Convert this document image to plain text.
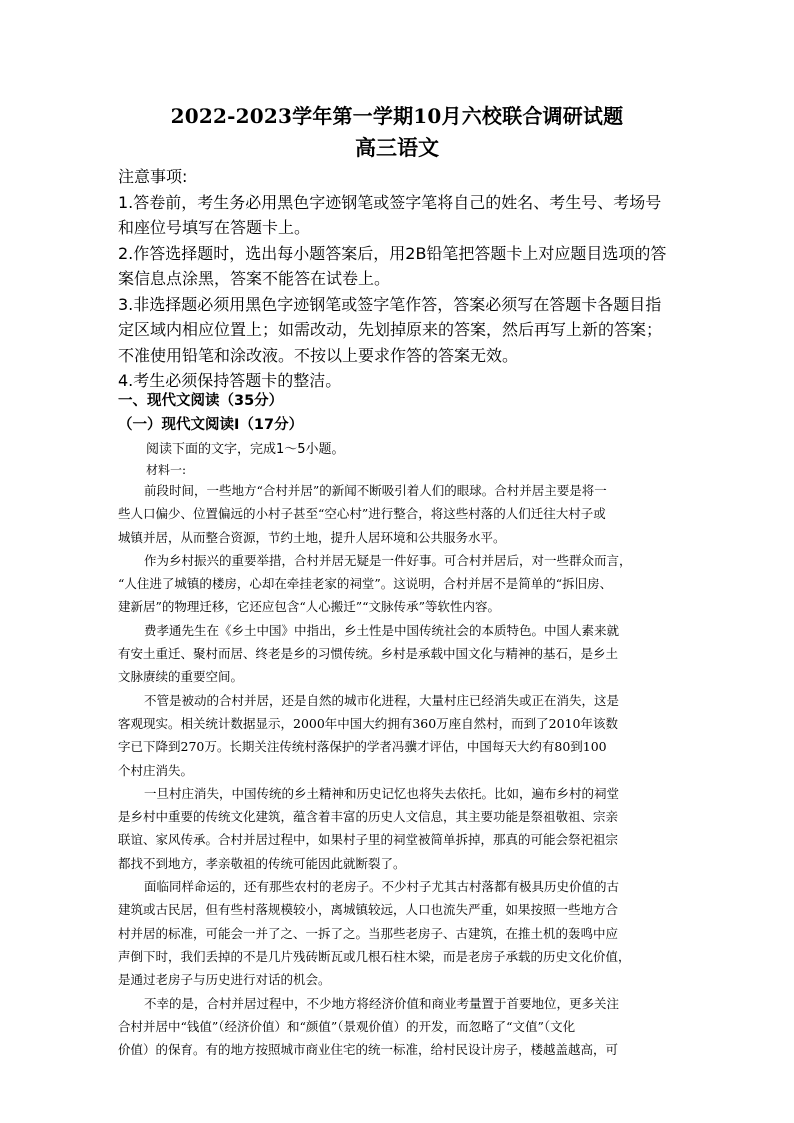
2022-2023学年第一学期10月六校联合调研试题
高三语文
注意事项:
1.答卷前，考生务必用黑色字迹钢笔或签字笔将自己的姓名、考生号、考场号
和座位号填写在答题卡上。
2.作答选择题时，选出每小题答案后，用2B铅笔把答题卡上对应题目选项的答
案信息点涂黑，答案不能答在试卷上。
3.非选择题必须用黑色字迹钢笔或签字笔作答，答案必须写在答题卡各题目指
定区域内相应位置上；如需改动，先划掉原来的答案，然后再写上新的答案；
不准使用铅笔和涂改液。不按以上要求作答的答案无效。
4.考生必须保持答题卡的整洁。
一、现代文阅读（35分）
（一）现代文阅读Ⅰ（17分）
阅读下面的文字，完成1～5小题。
材料一:
前段时间，一些地方“合村并居”的新闻不断吸引着人们的眼球。合村并居主要是将一
些人口偏少、位置偏远的小村子甚至“空心村”进行整合，将这些村落的人们迁往大村子或
城镇并居，从而整合资源，节约土地，提升人居环境和公共服务水平。
作为乡村振兴的重要举措，合村并居无疑是一件好事。可合村并居后，对一些群众而言，
“人住进了城镇的楼房，心却在牵挂老家的祠堂”。这说明，合村并居不是简单的“拆旧房、
建新居”的物理迁移，它还应包含“人心搬迁”“文脉传承”等软性内容。
费孝通先生在《乡土中国》中指出，乡土性是中国传统社会的本质特色。中国人素来就
有安土重迁、聚村而居、终老是乡的习惯传统。乡村是承载中国文化与精神的基石，是乡土
文脉赓续的重要空间。
不管是被动的合村并居，还是自然的城市化进程，大量村庄已经消失或正在消失，这是
客观现实。相关统计数据显示，2000年中国大约拥有360万座自然村，而到了2010年该数
字已下降到270万。长期关注传统村落保护的学者冯骥才评估，中国每天大约有80到100
个村庄消失。
一旦村庄消失，中国传统的乡土精神和历史记忆也将失去依托。比如，遍布乡村的祠堂
是乡村中重要的传统文化建筑，蕴含着丰富的历史人文信息，其主要功能是祭祖敬祖、宗亲
联谊、家风传承。合村并居过程中，如果村子里的祠堂被简单拆掉，那真的可能会祭祀祖宗
都找不到地方，孝亲敬祖的传统可能因此就断裂了。
面临同样命运的，还有那些农村的老房子。不少村子尤其古村落都有极具历史价值的古
建筑或古民居，但有些村落规模较小，离城镇较远，人口也流失严重，如果按照一些地方合
村并居的标准，可能会一并了之、一拆了之。当那些老房子、古建筑，在推土机的轰鸣中应
声倒下时，我们丢掉的不是几片残砖断瓦或几根石柱木梁，而是老房子承载的历史文化价值，
是通过老房子与历史进行对话的机会。
不幸的是，合村并居过程中，不少地方将经济价值和商业考量置于首要地位，更多关注
合村并居中“钱值”（经济价值）和“颜值”（景观价值）的开发，而忽略了“文值”（文化
价值）的保育。有的地方按照城市商业住宅的统一标准，给村民设计房子，楼越盖越高，可
